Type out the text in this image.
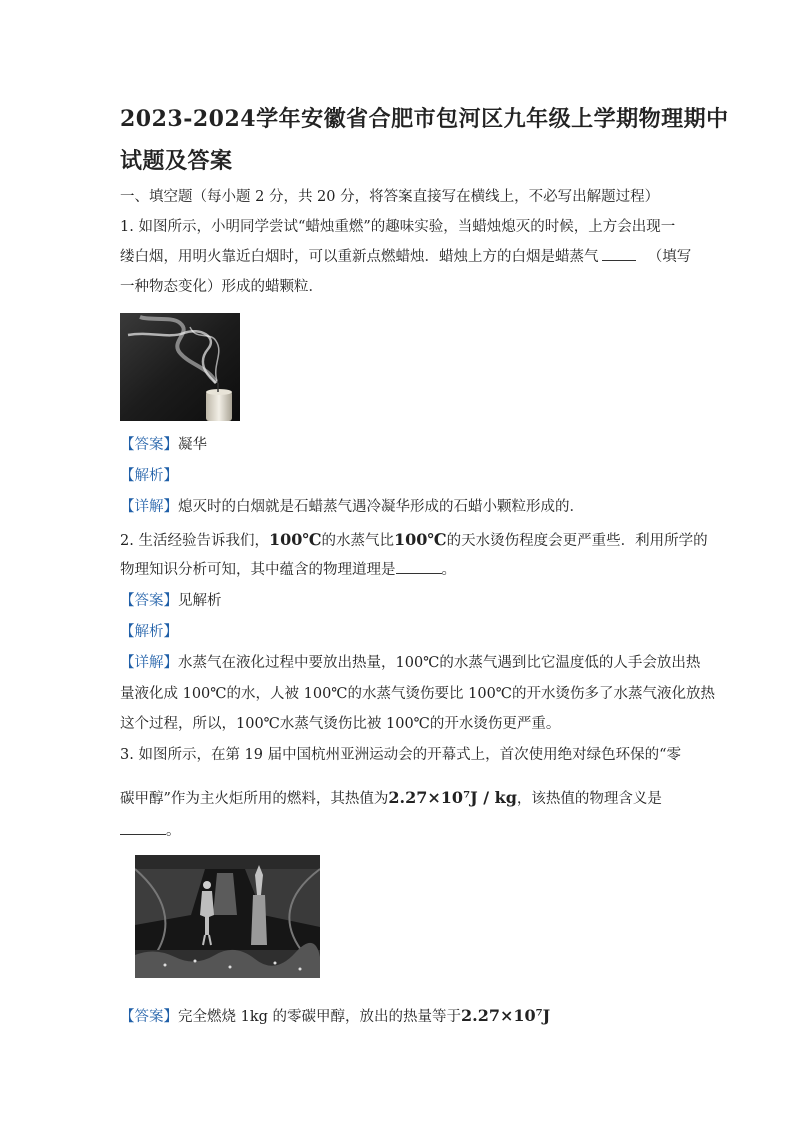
2023-2024学年安徽省合肥市包河区九年级上学期物理期中
试题及答案
一、填空题（每小题 2 分，共 20 分，将答案直接写在横线上，不必写出解题过程）
1. 如图所示，小明同学尝试“蜡烛重燃”的趣味实验，当蜡烛熄灭的时候，上方会出现一
缕白烟，用明火靠近白烟时，可以重新点燃蜡烛．蜡烛上方的白烟是蜡蒸气	（填写
一种物态变化）形成的蜡颗粒．
【答案】凝华
【解析】
【详解】熄灭时的白烟就是石蜡蒸气遇冷凝华形成的石蜡小颗粒形成的．
2. 生活经验告诉我们，100℃的水蒸气比100℃的天水烫伤程度会更严重些．利用所学的
物理知识分析可知，其中蕴含的物理道理是	。
【答案】见解析
【解析】
【详解】水蒸气在液化过程中要放出热量，100℃的水蒸气遇到比它温度低的人手会放出热
量液化成 100℃的水，人被 100℃的水蒸气烫伤要比 100℃的开水烫伤多了水蒸气液化放热
这个过程，所以，100℃水蒸气烫伤比被 100℃的开水烫伤更严重。
3. 如图所示，在第 19 届中国杭州亚洲运动会的开幕式上，首次使用绝对绿色环保的“零
碳甲醇”作为主火炬所用的燃料，其热值为2.27×10⁷J / kg，该热值的物理含义是
。
【答案】完全燃烧 1kg 的零碳甲醇，放出的热量等于2.27×10⁷J
